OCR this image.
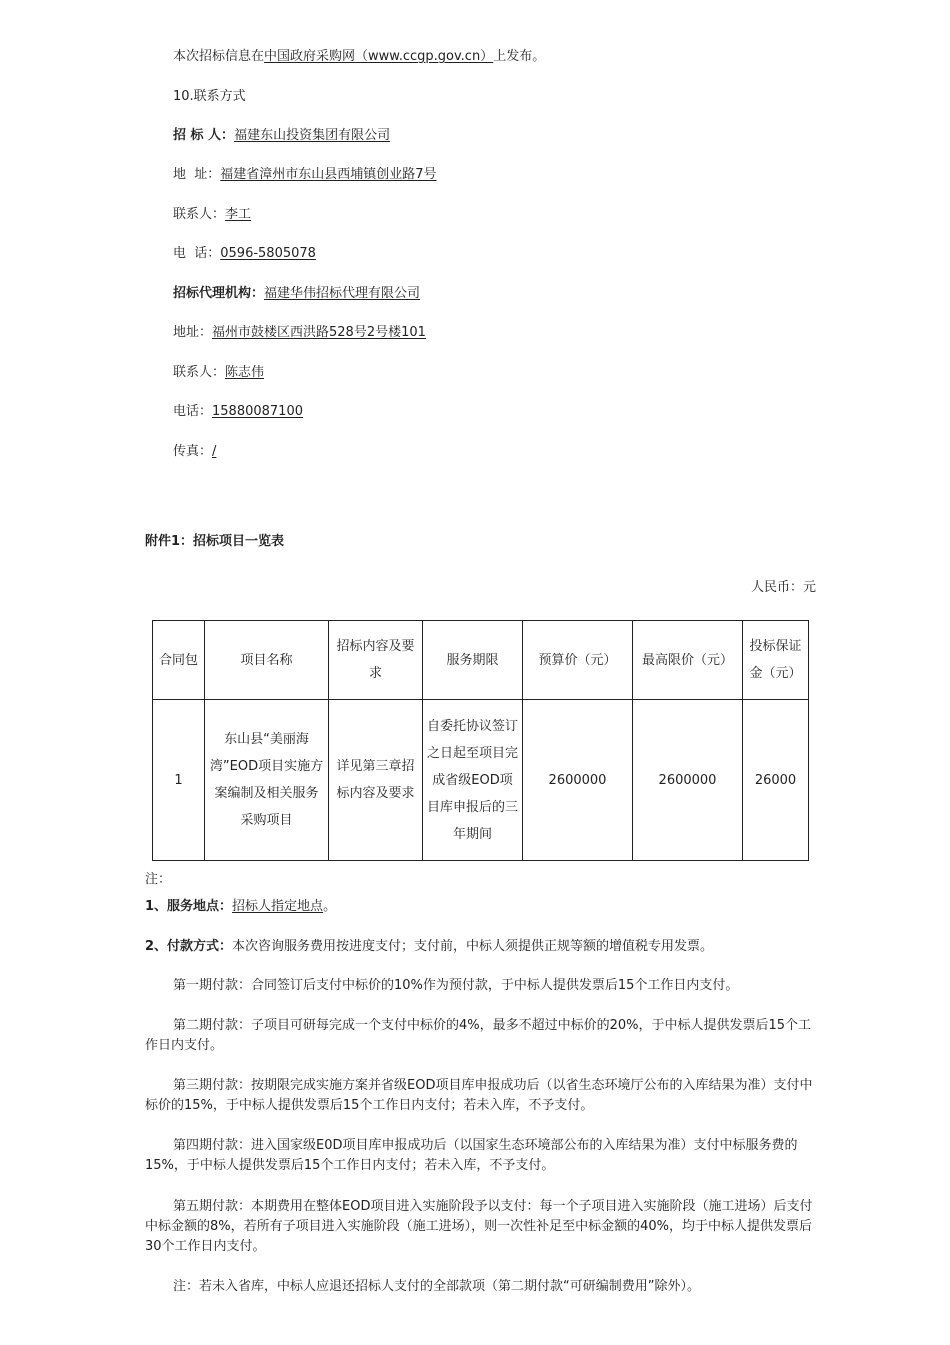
本次招标信息在中国政府采购网（www.ccgp.gov.cn）上发布。
10.联系方式
招 标 人：福建东山投资集团有限公司
地  址：福建省漳州市东山县西埔镇创业路7号
联系人：李工
电  话：0596-5805078
招标代理机构：福建华伟招标代理有限公司
地址：福州市鼓楼区西洪路528号2号楼101
联系人：陈志伟
电话：15880087100
传真：/
附件1：招标项目一览表
人民币：元
合同包	项目名称	招标内容及要求	服务期限	预算价（元）	最高限价（元）	投标保证金（元）
1	东山县“美丽海湾”EOD项目实施方案编制及相关服务采购项目	详见第三章招标内容及要求	自委托协议签订之日起至项目完成省级EOD项目库申报后的三年期间	2600000	2600000	26000
注：
1、服务地点：招标人指定地点。
2、付款方式：本次咨询服务费用按进度支付；支付前，中标人须提供正规等额的增值税专用发票。
第一期付款：合同签订后支付中标价的10%作为预付款，于中标人提供发票后15个工作日内支付。
第二期付款：子项目可研每完成一个支付中标价的4%，最多不超过中标价的20%，于中标人提供发票后15个工作日内支付。
第三期付款：按期限完成实施方案并省级EOD项目库申报成功后（以省生态环境厅公布的入库结果为准）支付中标价的15%，于中标人提供发票后15个工作日内支付；若未入库，不予支付。
第四期付款：进入国家级E0D项目库申报成功后（以国家生态环境部公布的入库结果为准）支付中标服务费的15%，于中标人提供发票后15个工作日内支付；若未入库，不予支付。
第五期付款：本期费用在整体EOD项目进入实施阶段予以支付：每一个子项目进入实施阶段（施工进场）后支付中标金额的8%，若所有子项目进入实施阶段（施工进场），则一次性补足至中标金额的40%，均于中标人提供发票后30个工作日内支付。
注：若未入省库，中标人应退还招标人支付的全部款项（第二期付款“可研编制费用”除外）。
